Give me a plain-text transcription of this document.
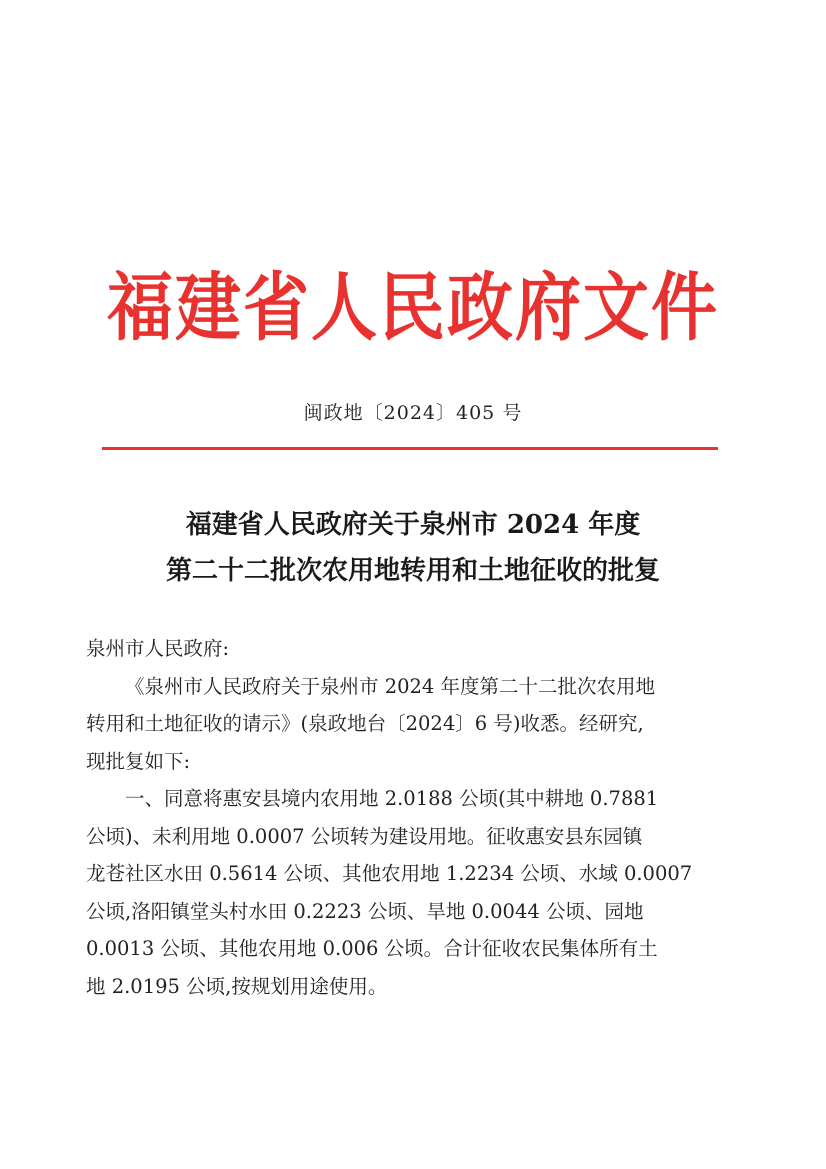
福建省人民政府文件
闽政地〔2024〕405 号
福建省人民政府关于泉州市 2024 年度
第二十二批次农用地转用和土地征收的批复
泉州市人民政府:
《泉州市人民政府关于泉州市 2024 年度第二十二批次农用地
转用和土地征收的请示》(泉政地台〔2024〕6 号)收悉。经研究,
现批复如下:
一、同意将惠安县境内农用地 2.0188 公顷(其中耕地 0.7881
公顷)、未利用地 0.0007 公顷转为建设用地。征收惠安县东园镇
龙苍社区水田 0.5614 公顷、其他农用地 1.2234 公顷、水域 0.0007
公顷,洛阳镇堂头村水田 0.2223 公顷、旱地 0.0044 公顷、园地
0.0013 公顷、其他农用地 0.006 公顷。合计征收农民集体所有土
地 2.0195 公顷,按规划用途使用。
